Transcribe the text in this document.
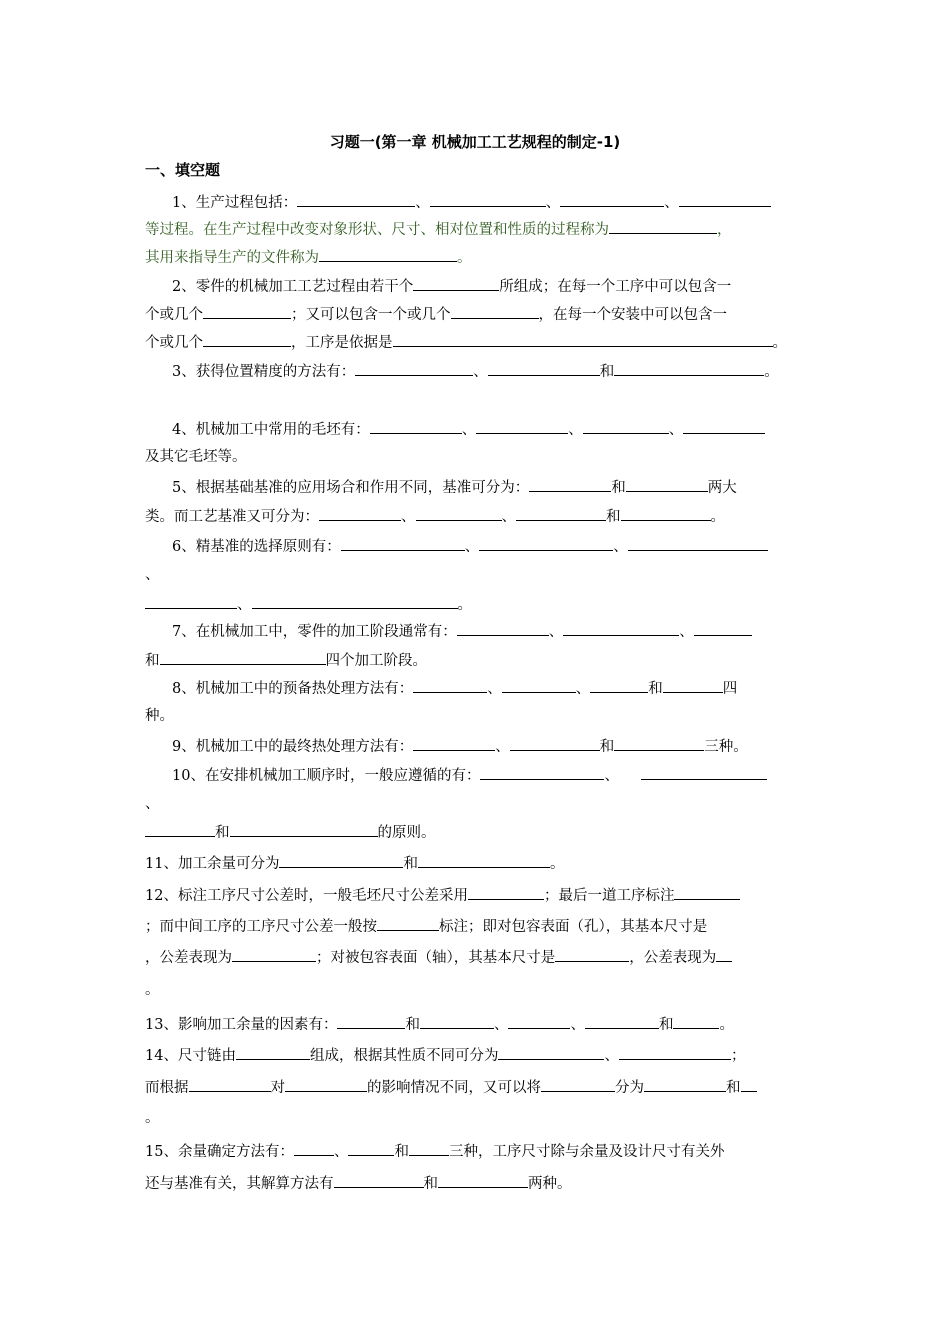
习题一(第一章 机械加工工艺规程的制定-1)
一、填空题
1、生产过程包括：	、	、	、
等过程。在生产过程中改变对象形状、尺寸、相对位置和性质的过程称为	，
其用来指导生产的文件称为	。
2、零件的机械加工工艺过程由若干个	所组成；在每一个工序中可以包含一
个或几个	；又可以包含一个或几个	，在每一个安装中可以包含一
个或几个	，工序是依据是	。
3、获得位置精度的方法有：	、	和	。
4、机械加工中常用的毛坯有：	、	、	、
及其它毛坯等。
5、根据基础基准的应用场合和作用不同，基准可分为：	和	两大
类。而工艺基准又可分为：	、	、	和	。
6、精基准的选择原则有：	、	、
、
、	。
7、在机械加工中，零件的加工阶段通常有：	、	、
和	四个加工阶段。
8、机械加工中的预备热处理方法有：	、	、	和	四
种。
9、机械加工中的最终热处理方法有：	、	和	三种。
10、在安排机械加工顺序时，一般应遵循的有：	、
、
和	的原则。
11、加工余量可分为	和	。
12、标注工序尺寸公差时，一般毛坯尺寸公差采用	；最后一道工序标注
；而中间工序的工序尺寸公差一般按	标注；即对包容表面（孔），其基本尺寸是
，公差表现为	；对被包容表面（轴），其基本尺寸是	，公差表现为
。
13、影响加工余量的因素有：	和	、	、	和	。
14、尺寸链由	组成，根据其性质不同可分为	、	；
而根据	对	的影响情况不同，又可以将	分为	和
。
15、余量确定方法有：	、	和	三种，工序尺寸除与余量及设计尺寸有关外
还与基准有关，其解算方法有	和	两种。
